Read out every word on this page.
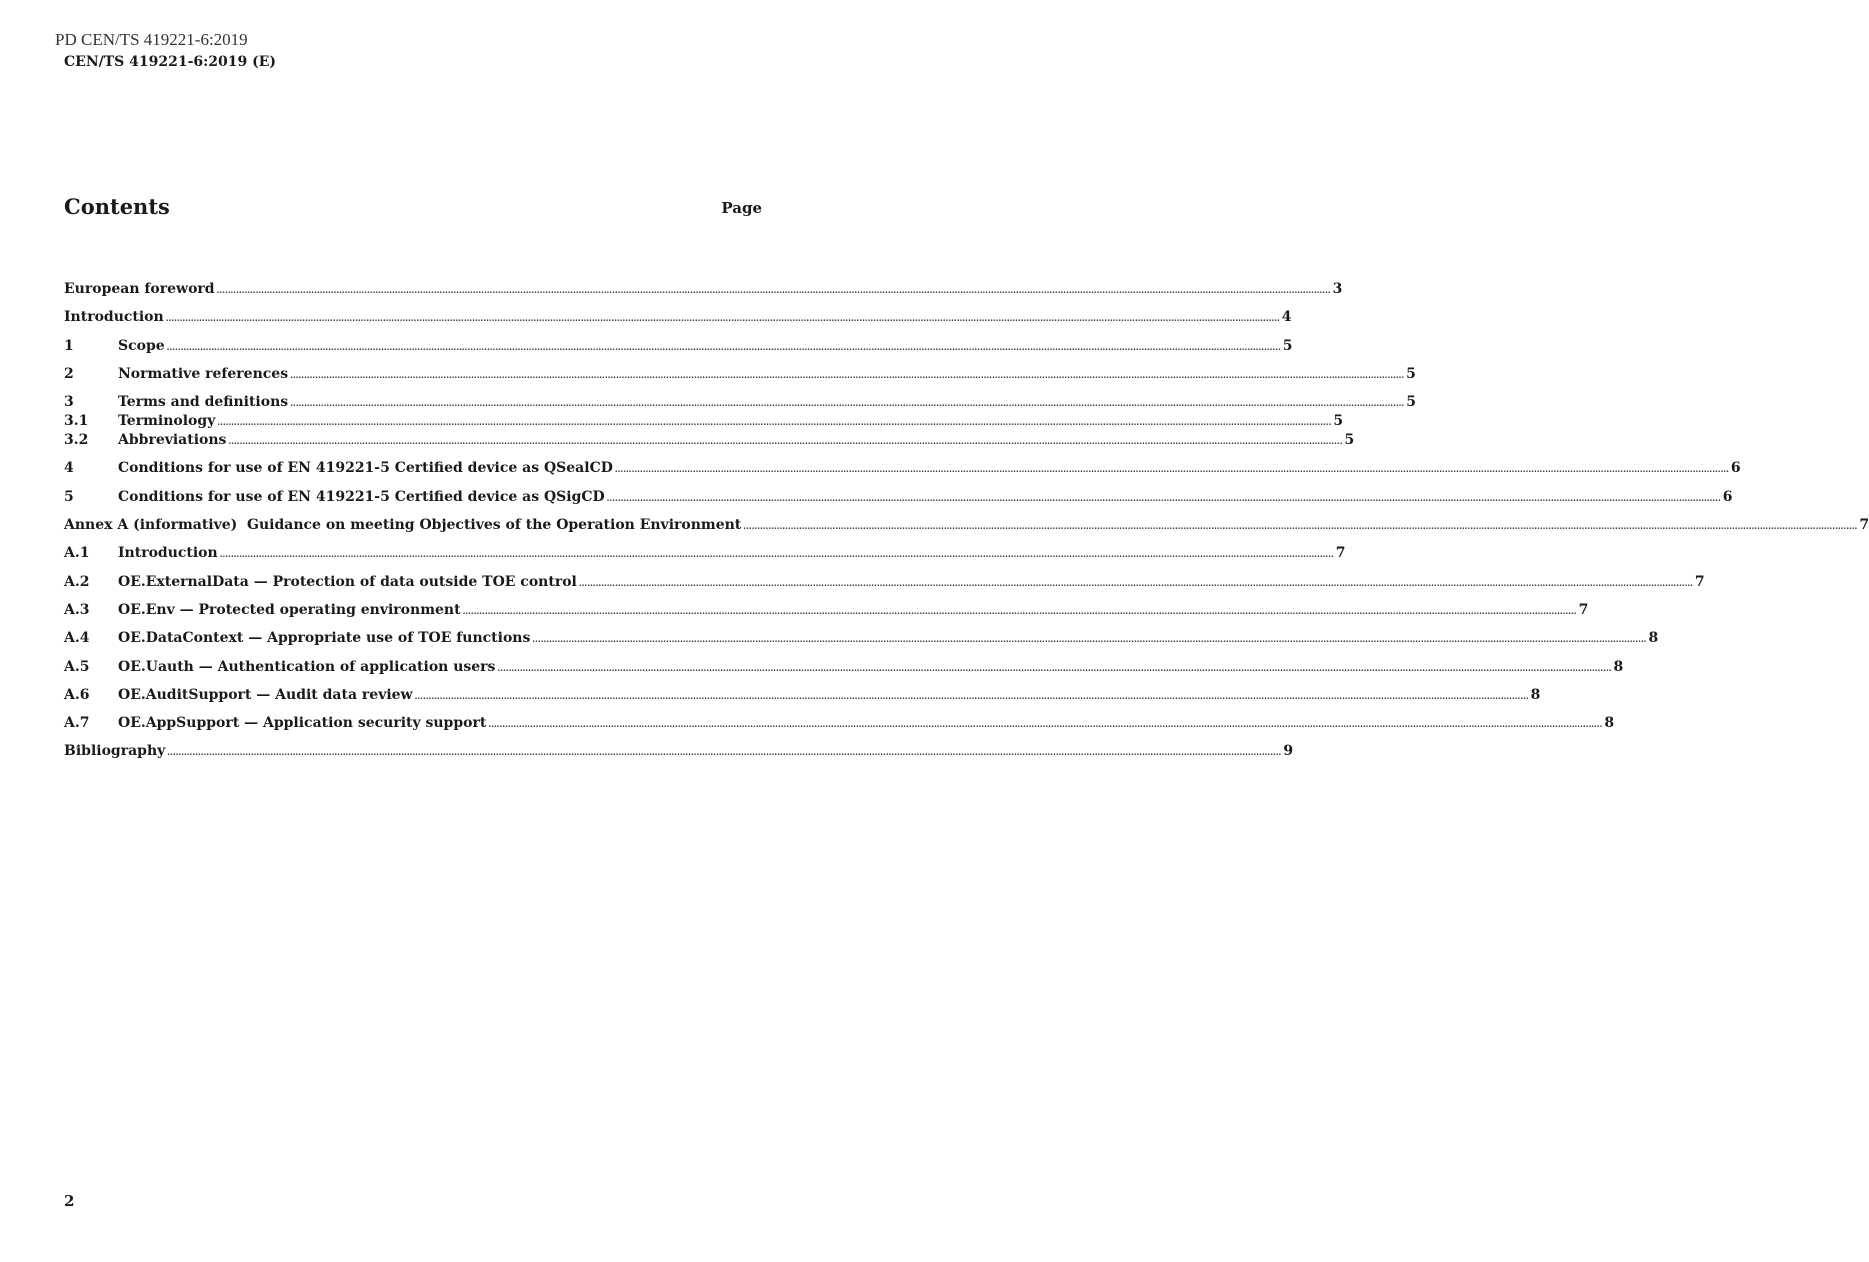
PD CEN/TS 419221-6:2019
CEN/TS 419221-6:2019 (E)
Contents	Page
European foreword ................................................................................................................................................................................................................................................................................................................................................................................................................ 3
Introduction ................................................................................................................................................................................................................................................................................................................................................................................................................ 4
1	Scope ................................................................................................................................................................................................................................................................................................................................................................................................................ 5
2	Normative references ................................................................................................................................................................................................................................................................................................................................................................................................................ 5
3	Terms and definitions ................................................................................................................................................................................................................................................................................................................................................................................................................ 5
3.1	Terminology ................................................................................................................................................................................................................................................................................................................................................................................................................ 5
3.2	Abbreviations ................................................................................................................................................................................................................................................................................................................................................................................................................ 5
4	Conditions for use of EN 419221-5 Certified device as QSealCD ................................................................................................................................................................................................................................................................................................................................................................................................................ 6
5	Conditions for use of EN 419221-5 Certified device as QSigCD ................................................................................................................................................................................................................................................................................................................................................................................................................ 6
Annex A (informative)  Guidance on meeting Objectives of the Operation Environment ................................................................................................................................................................................................................................................................................................................................................................................................................ 7
A.1	Introduction ................................................................................................................................................................................................................................................................................................................................................................................................................ 7
A.2	OE.ExternalData — Protection of data outside TOE control ................................................................................................................................................................................................................................................................................................................................................................................................................ 7
A.3	OE.Env — Protected operating environment ................................................................................................................................................................................................................................................................................................................................................................................................................ 7
A.4	OE.DataContext — Appropriate use of TOE functions ................................................................................................................................................................................................................................................................................................................................................................................................................ 8
A.5	OE.Uauth — Authentication of application users ................................................................................................................................................................................................................................................................................................................................................................................................................ 8
A.6	OE.AuditSupport — Audit data review ................................................................................................................................................................................................................................................................................................................................................................................................................ 8
A.7	OE.AppSupport — Application security support ................................................................................................................................................................................................................................................................................................................................................................................................................ 8
Bibliography ................................................................................................................................................................................................................................................................................................................................................................................................................ 9
2
